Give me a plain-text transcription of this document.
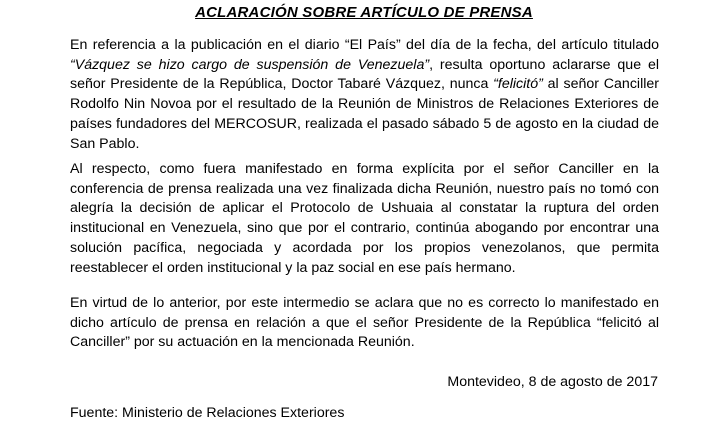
ACLARACIÓN SOBRE ARTÍCULO DE PRENSA
En referencia a la publicación en el diario “El País” del día de la fecha, del artículo titulado “Vázquez se hizo cargo de suspensión de Venezuela”, resulta oportuno aclararse que el señor Presidente de la República, Doctor Tabaré Vázquez, nunca “felicitó” al señor Canciller Rodolfo Nin Novoa por el resultado de la Reunión de Ministros de Relaciones Exteriores de países fundadores del MERCOSUR, realizada el pasado sábado 5 de agosto en la ciudad de San Pablo.
Al respecto, como fuera manifestado en forma explícita por el señor Canciller en la conferencia de prensa realizada una vez finalizada dicha Reunión, nuestro país no tomó con alegría la decisión de aplicar el Protocolo de Ushuaia al constatar la ruptura del orden institucional en Venezuela, sino que por el contrario, continúa abogando por encontrar una solución pacífica, negociada y acordada por los propios venezolanos, que permita reestablecer el orden institucional y la paz social en ese país hermano.
En virtud de lo anterior, por este intermedio se aclara que no es correcto lo manifestado en dicho artículo de prensa en relación a que el señor Presidente de la República “felicitó al Canciller” por su actuación en la mencionada Reunión.
Montevideo, 8 de agosto de 2017
Fuente: Ministerio de Relaciones Exteriores
